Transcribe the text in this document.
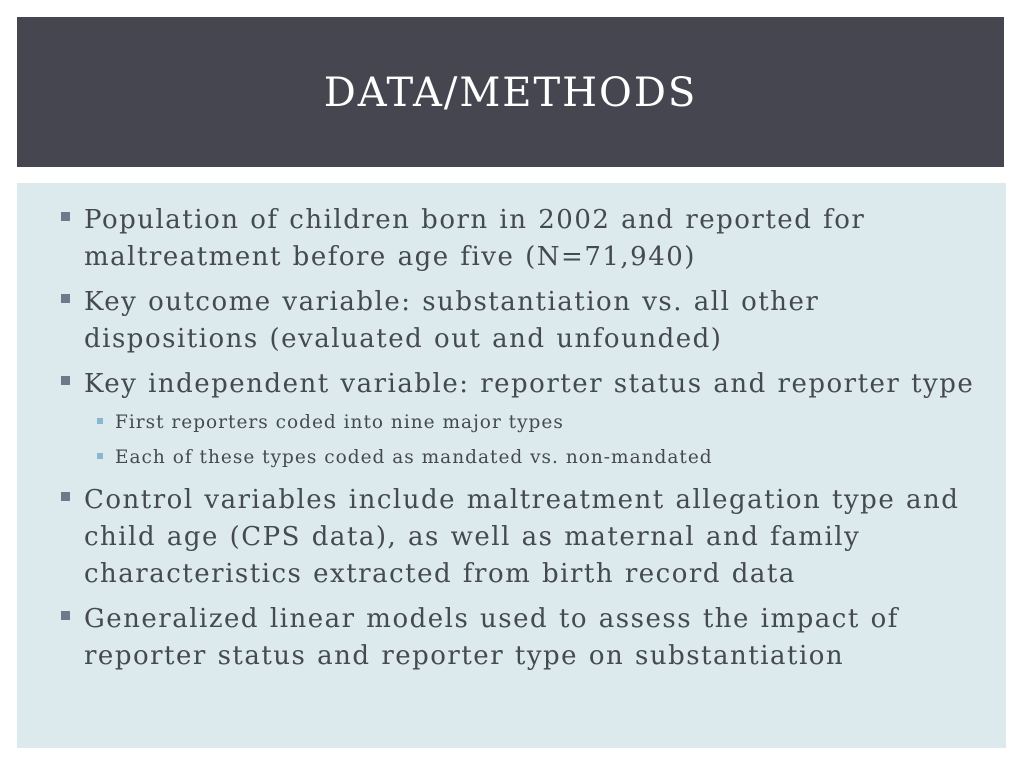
DATA/METHODS
Population of children born in 2002 and reported for maltreatment before age five (N=71,940)
Key outcome variable: substantiation vs. all other dispositions (evaluated out and unfounded)
Key independent variable: reporter status and reporter type
First reporters coded into nine major types
Each of these types coded as mandated vs. non-mandated
Control variables include maltreatment allegation type and child age (CPS data), as well as maternal and family characteristics extracted from birth record data
Generalized linear models used to assess the impact of reporter status and reporter type on substantiation
